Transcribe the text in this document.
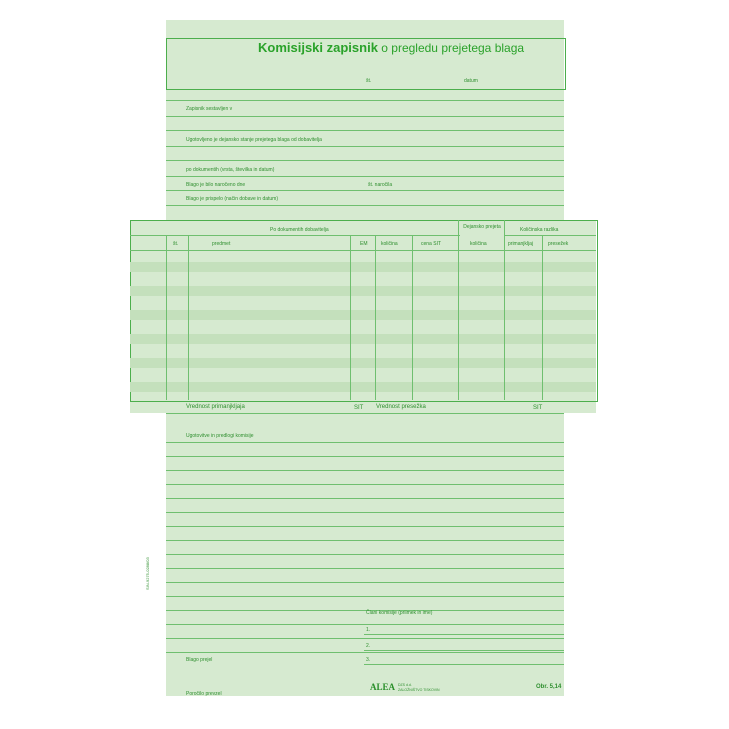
Komisijski zapisnik o pregledu prejetega blaga
št.	datum
Zapisnik sestavljen v
Ugotovljeno je dejansko stanje prejetega blaga od dobavitelja
po dokumentih (vrsta, številka in datum)
Blago je bilo naročeno dne	št. naročila
Blago je prispelo (način dobave in datum)
Po dokumentih dobavitelja	Dejansko prejeta	Količinska razlika
št.	predmet	EM	količina	cena SIT	količina	primanjkljaj	presežek
Vrednost primanjkljaja	SIT Vrednost presežka	SIT
Ugotovitve in predlogi komisije
Člani komisije (priimek in ime)
1.
2.
3.
Blago prejel
Poročilo prevzel
SIN-9275-0288/03
ALEA DZS d.d.
ZALOŽNIŠTVO TISKOVIN	Obr. 5,14
